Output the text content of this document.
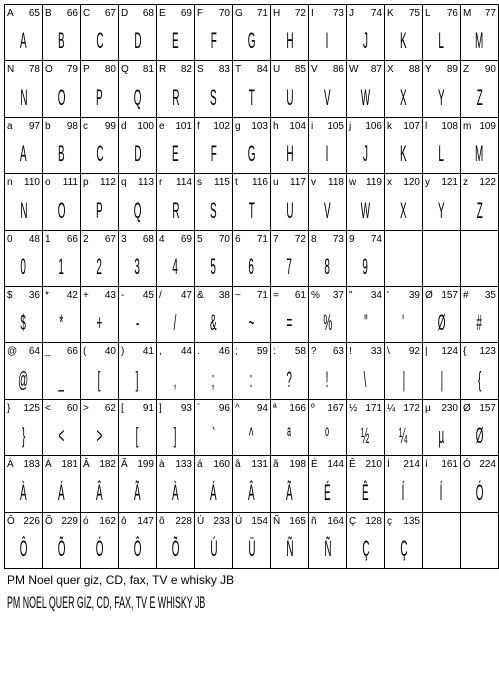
A 65
A
B 66
B
C 67
C
D 68
D
E 69
E
F 70
F
G 71
G
H 72
H
I 73
I
J 74
J
K 75
K
L 76
L
M 77
M
N 78
N
O 79
O
P 80
P
Q 81
Q
R 82
R
S 83
S
T 84
T
U 85
U
V 86
V
W 87
W
X 88
X
Y 89
Y
Z 90
Z
a 97
A
b 98
B
c 99
C
d 100
D
e 101
E
f 102
F
g 103
G
h 104
H
i 105
I
j 106
J
k 107
K
l 108
L
m 109
M
n 110
N
o 111
O
p 112
P
q 113
Q
r 114
R
s 115
S
t 116
T
u 117
U
v 118
V
w 119
W
x 120
X
y 121
Y
z 122
Z
0 48
0
1 66
1
2 67
2
3 68
3
4 69
4
5 70
5
6 71
6
7 72
7
8 73
8
9 74
9
$ 36
$
* 42
*
+ 43
+
- 45
-
/ 47
/
& 38
&
~ 71
~
= 61
=
% 37
%
" 34
"
' 39
'
Ø 157
Ø
# 35
#
@ 64
@
_ 66
_
( 40
[
) 41
]
, 44
,
. 46
;
; 59
:
: 58
?
? 63
!
! 33
\
\ 92
|
| 124
|
{ 123
{
} 125
}
< 60
<
> 62
>
[ 91
[
] 93
]
` 96
`
^ 94
^
ª 166
ª
º 167
º
½ 171
½
¼ 172
¼
µ 230
µ
Ø 157
Ø
À 183
À
Á 181
Á
Â 182
Â
Ã 199
Ã
à 133
À
á 160
Á
â 131
Â
ã 198
Ã
É 144
É
Ê 210
Ê
Í 214
Í
í 161
Í
Ó 224
Ó
Ô 226
Ô
Õ 229
Õ
ó 162
Ó
ô 147
Ô
õ 228
Õ
Ú 233
Ú
Ü 154
Ü
Ñ 165
Ñ
ñ 164
Ñ
Ç 128
Ç
ç 135
Ç
PM Noel quer giz, CD, fax, TV e whisky JB
PM NOEL QUER GIZ, CD, FAX, TV E WHISKY JB
